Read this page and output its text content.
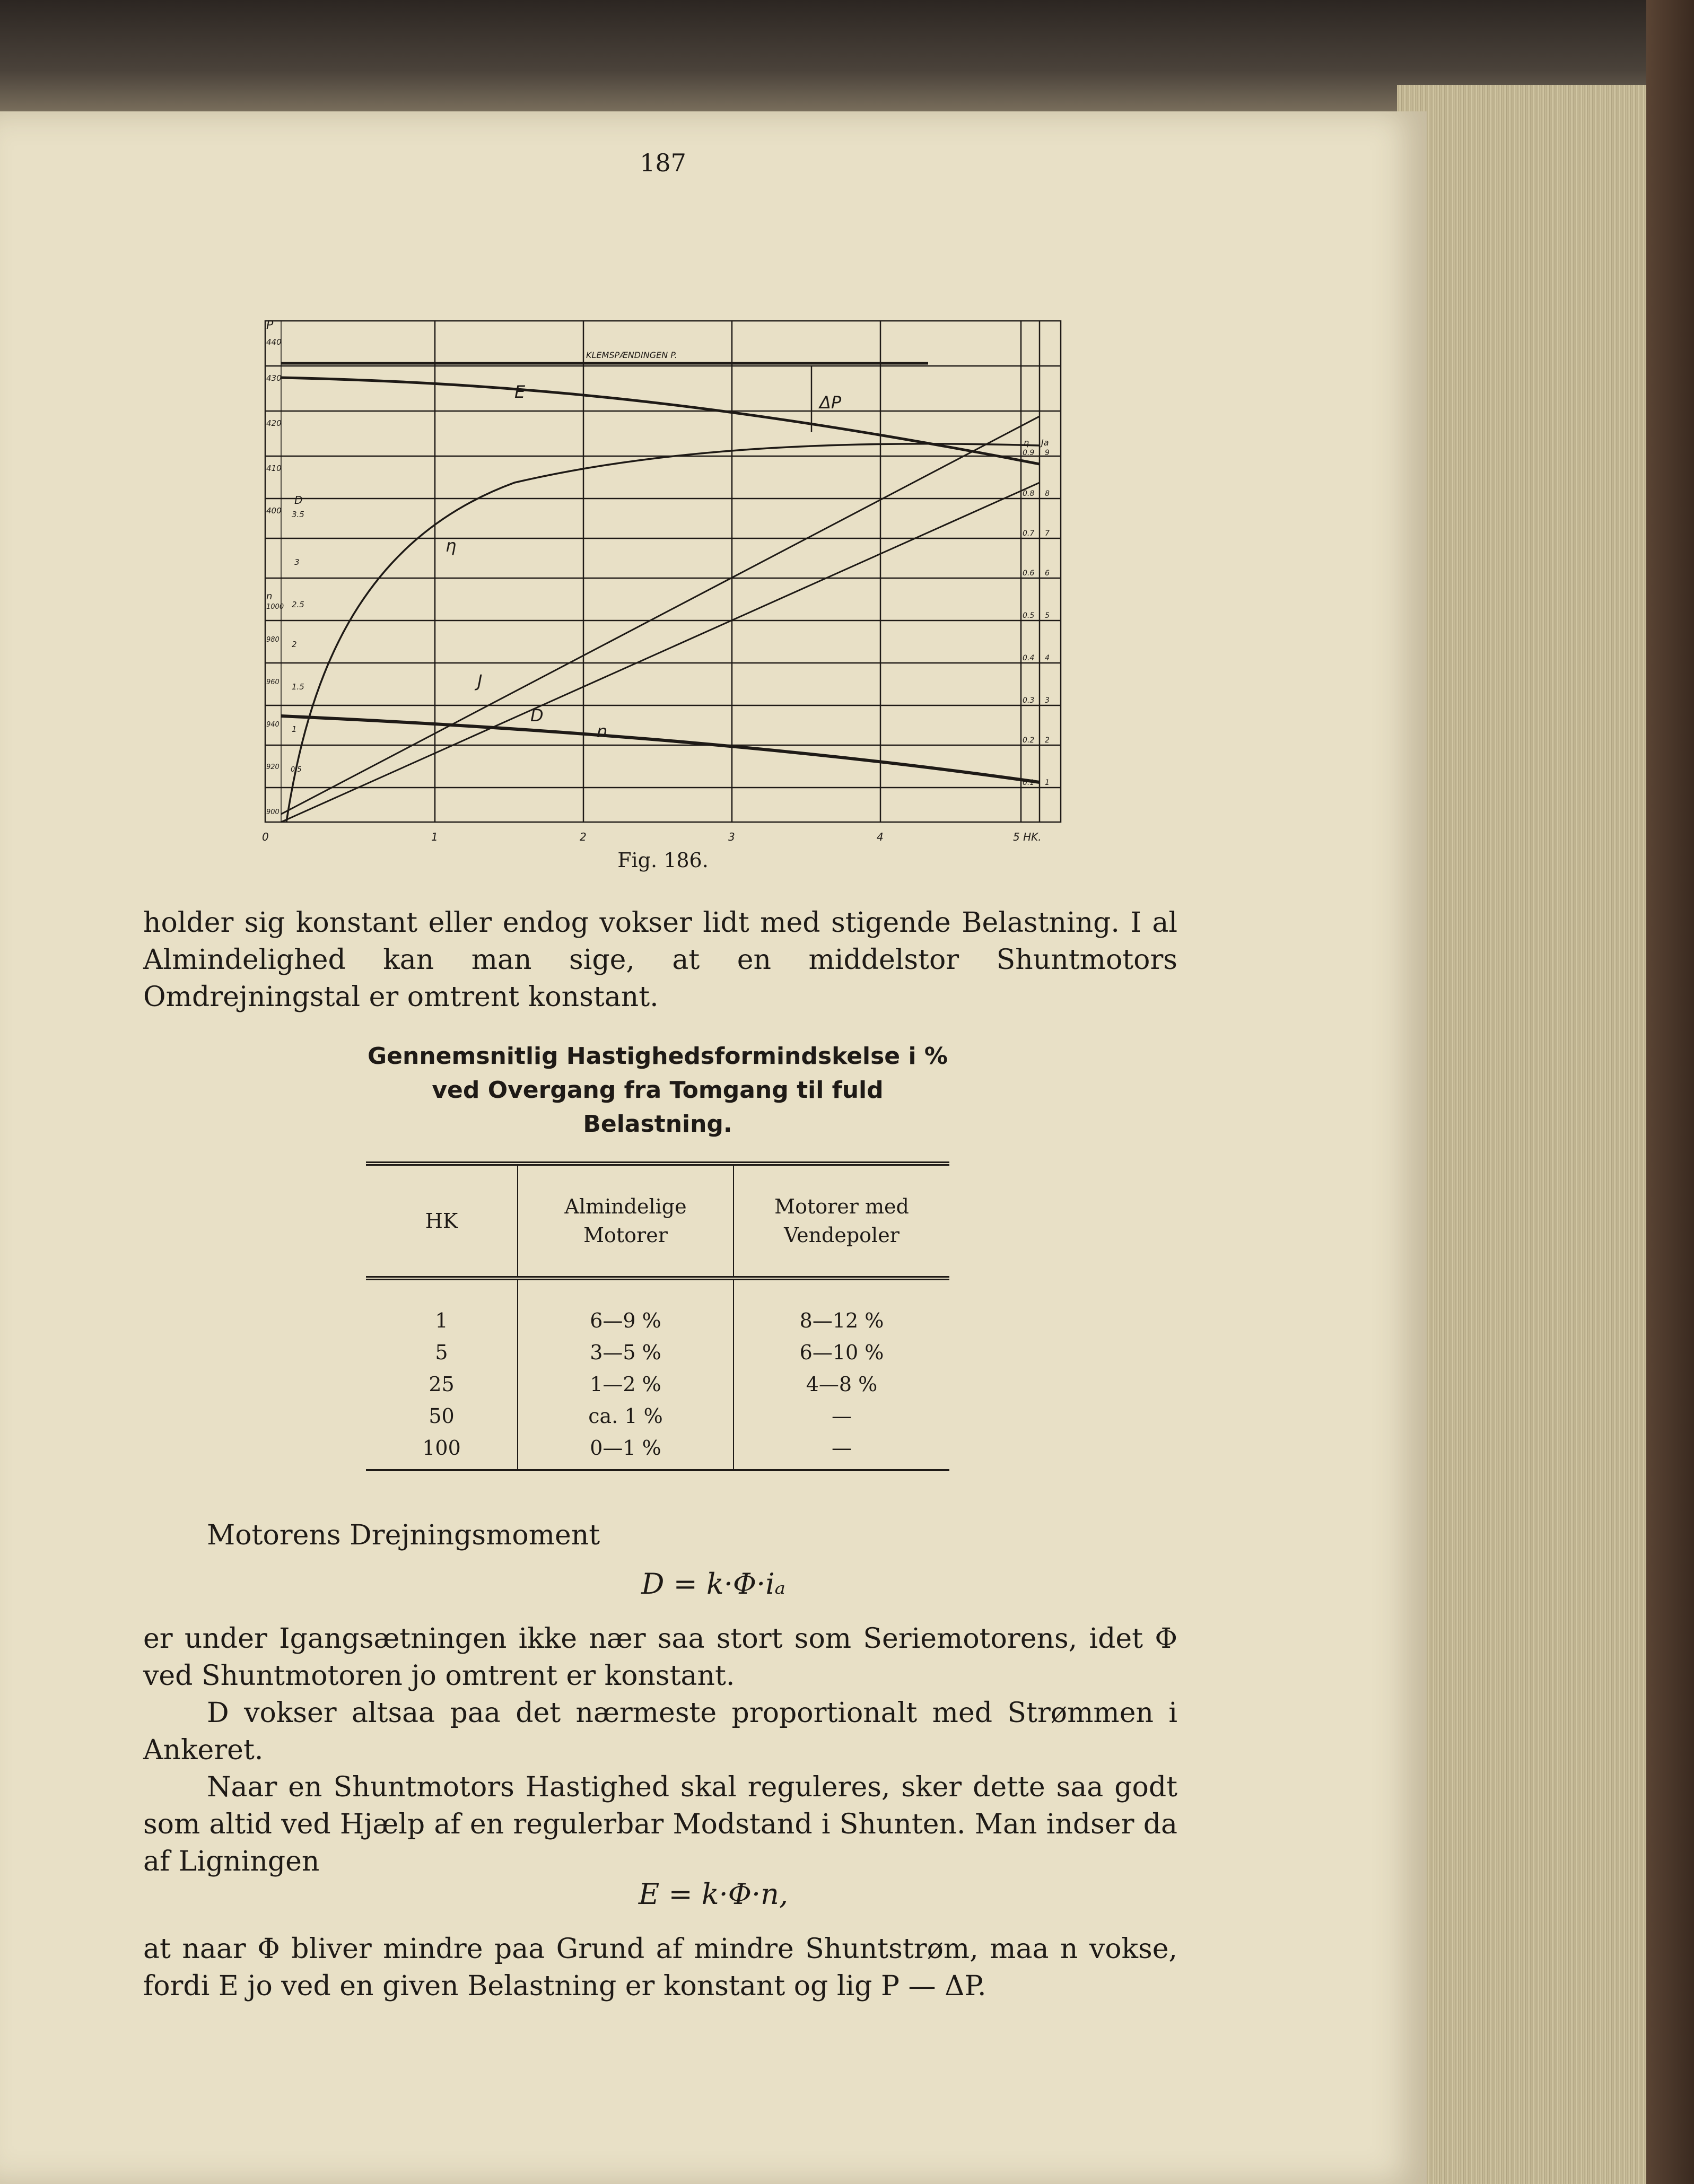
187
P
440
430
420
410
400
n
1000
980
960
940
920
900
D
3.5
3
2.5
2
1.5
1
0.5
η Ja
0.9 9
0.8 8
0.7 7
0.6 6
0.5 5
0.4 4
0.3 3
0.2 2
0.1 1
0	1	2	3	4	5 HK.
KLEMSPÆNDINGEN P.
E
ΔP
η
J
D
n
Fig. 186.

holder sig konstant eller endog vokser lidt med stigende Belastning. I al Almindelighed kan man sige, at en middelstor Shuntmotors Omdrejningstal er omtrent konstant.

Gennemsnitlig Hastighedsformindskelse i %
ved Overgang fra Tomgang til fuld
Belastning.
HK	Almindelige Motorer	Motorer med Vendepoler
1	6—9 %	8—12 %
5	3—5 %	6—10 %
25	1—2 %	4—8 %
50	ca. 1 %	—
100	0—1 %	—

Motorens Drejningsmoment

D = k·Φ·iₐ

er under Igangsætningen ikke nær saa stort som Seriemotorens, idet Φ ved Shuntmotoren jo omtrent er konstant.

D vokser altsaa paa det nærmeste proportionalt med Strømmen i Ankeret.

Naar en Shuntmotors Hastighed skal reguleres, sker dette saa godt som altid ved Hjælp af en regulerbar Modstand i Shunten. Man indser da af Ligningen

E = k·Φ·n,

at naar Φ bliver mindre paa Grund af mindre Shuntstrøm, maa n vokse, fordi E jo ved en given Belastning er konstant og lig P — ΔP.
